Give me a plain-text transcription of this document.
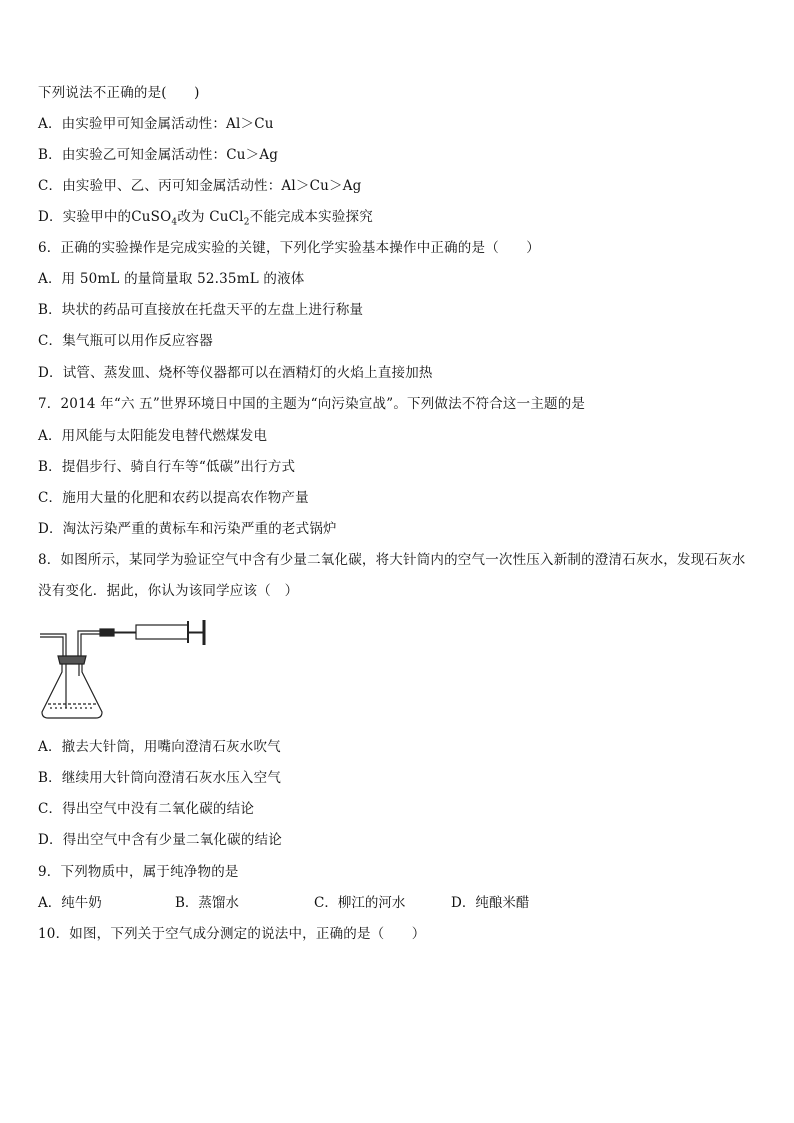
下列说法不正确的是(　　)
A．由实验甲可知金属活动性：Al＞Cu
B．由实验乙可知金属活动性：Cu＞Ag
C．由实验甲、乙、丙可知金属活动性：Al＞Cu＞Ag
D．实验甲中的CuSO$_4$改为 CuCl$_2$不能完成本实验探究
6．正确的实验操作是完成实验的关键，下列化学实验基本操作中正确的是（　　）
A．用 50mL 的量筒量取 52.35mL 的液体
B．块状的药品可直接放在托盘天平的左盘上进行称量
C．集气瓶可以用作反应容器
D．试管、蒸发皿、烧杯等仪器都可以在酒精灯的火焰上直接加热
7．2014 年“六 五”世界环境日中国的主题为“向污染宣战”。下列做法不符合这一主题的是
A．用风能与太阳能发电替代燃煤发电
B．提倡步行、骑自行车等“低碳”出行方式
C．施用大量的化肥和农药以提高农作物产量
D．淘汰污染严重的黄标车和污染严重的老式锅炉
8．如图所示，某同学为验证空气中含有少量二氧化碳，将大针筒内的空气一次性压入新制的澄清石灰水，发现石灰水
没有变化．据此，你认为该同学应该（　）
A．撤去大针筒，用嘴向澄清石灰水吹气
B．继续用大针筒向澄清石灰水压入空气
C．得出空气中没有二氧化碳的结论
D．得出空气中含有少量二氧化碳的结论
9．下列物质中，属于纯净物的是
A．纯牛奶	B．蒸馏水	C．柳江的河水	D．纯酿米醋
10．如图，下列关于空气成分测定的说法中，正确的是（　　）
